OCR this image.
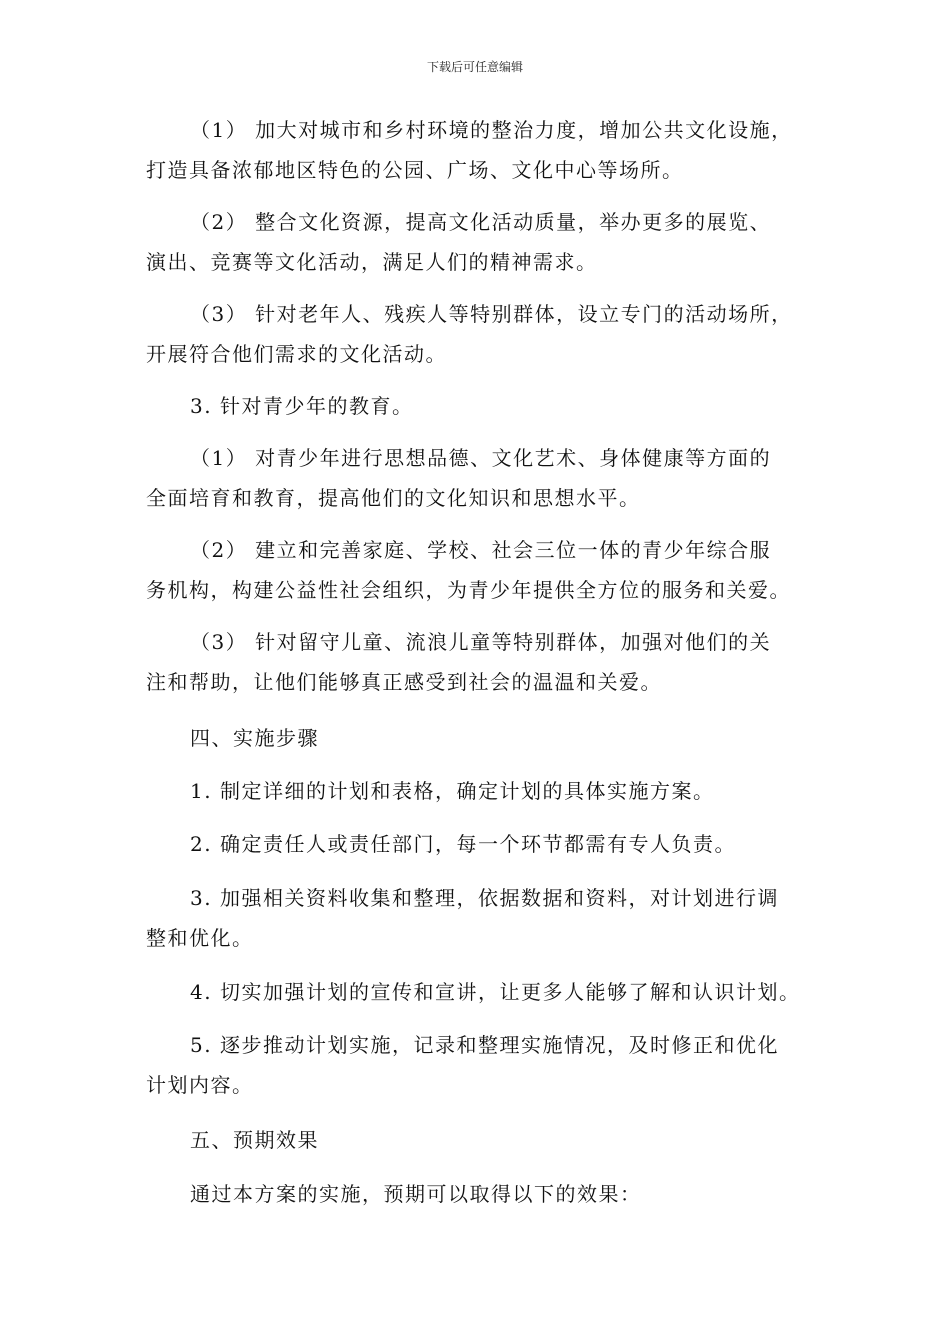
下载后可任意编辑
（1） 加大对城市和乡村环境的整治力度，增加公共文化设施，
打造具备浓郁地区特色的公园、广场、文化中心等场所。
（2） 整合文化资源，提高文化活动质量，举办更多的展览、
演出、竞赛等文化活动，满足人们的精神需求。
（3） 针对老年人、残疾人等特别群体，设立专门的活动场所，
开展符合他们需求的文化活动。
3. 针对青少年的教育。
（1） 对青少年进行思想品德、文化艺术、身体健康等方面的
全面培育和教育，提高他们的文化知识和思想水平。
（2） 建立和完善家庭、学校、社会三位一体的青少年综合服
务机构，构建公益性社会组织，为青少年提供全方位的服务和关爱。
（3） 针对留守儿童、流浪儿童等特别群体，加强对他们的关
注和帮助，让他们能够真正感受到社会的温温和关爱。
四、实施步骤
1. 制定详细的计划和表格，确定计划的具体实施方案。
2. 确定责任人或责任部门，每一个环节都需有专人负责。
3. 加强相关资料收集和整理，依据数据和资料，对计划进行调
整和优化。
4. 切实加强计划的宣传和宣讲，让更多人能够了解和认识计划。
5. 逐步推动计划实施，记录和整理实施情况，及时修正和优化
计划内容。
五、预期效果
通过本方案的实施，预期可以取得以下的效果：
